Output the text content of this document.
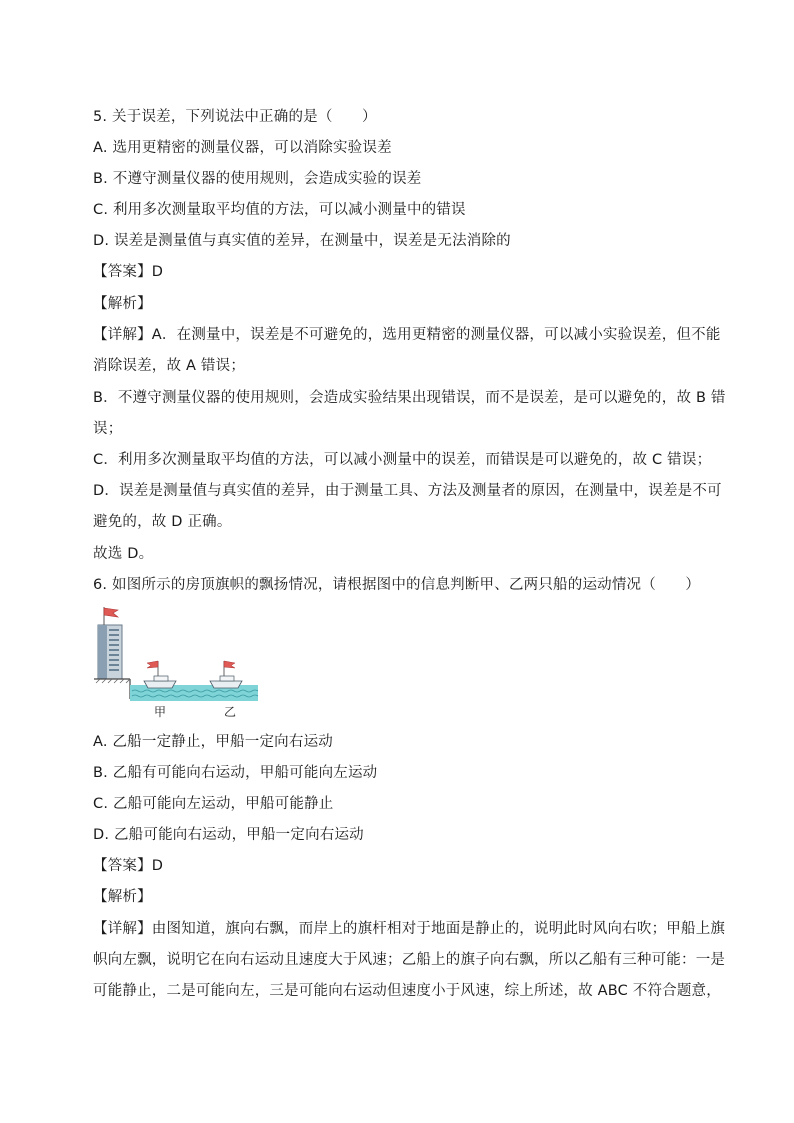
5. 关于误差，下列说法中正确的是（　　）
A. 选用更精密的测量仪器，可以消除实验误差
B. 不遵守测量仪器的使用规则，会造成实验的误差
C. 利用多次测量取平均值的方法，可以减小测量中的错误
D. 误差是测量值与真实值的差异，在测量中，误差是无法消除的
【答案】D
【解析】
【详解】A．在测量中，误差是不可避免的，选用更精密的测量仪器，可以减小实验误差，但不能
消除误差，故 A 错误；
B．不遵守测量仪器的使用规则，会造成实验结果出现错误，而不是误差，是可以避免的，故 B 错
误；
C．利用多次测量取平均值的方法，可以减小测量中的误差，而错误是可以避免的，故 C 错误；
D．误差是测量值与真实值的差异，由于测量工具、方法及测量者的原因，在测量中，误差是不可
避免的，故 D 正确。
故选 D。
6. 如图所示的房顶旗帜的飘扬情况，请根据图中的信息判断甲、乙两只船的运动情况（　　）
甲	乙
A. 乙船一定静止，甲船一定向右运动
B. 乙船有可能向右运动，甲船可能向左运动
C. 乙船可能向左运动，甲船可能静止
D. 乙船可能向右运动，甲船一定向右运动
【答案】D
【解析】
【详解】由图知道，旗向右飘，而岸上的旗杆相对于地面是静止的，说明此时风向右吹；甲船上旗
帜向左飘，说明它在向右运动且速度大于风速；乙船上的旗子向右飘，所以乙船有三种可能：一是
可能静止，二是可能向左，三是可能向右运动但速度小于风速，综上所述，故 ABC 不符合题意，
